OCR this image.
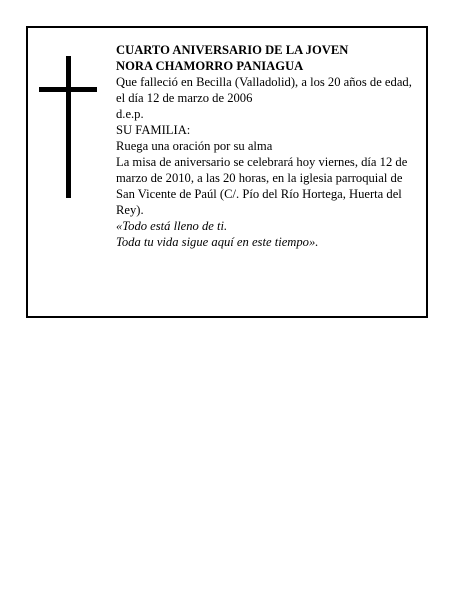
CUARTO ANIVERSARIO DE LA JOVEN

NORA CHAMORRO PANIAGUA

Que falleció en Becilla (Valladolid), a los 20 años de edad, el día 12 de marzo de 2006

d.e.p.

SU FAMILIA:

Ruega una oración por su alma

La misa de aniversario se celebrará hoy viernes, día 12 de marzo de 2010, a las 20 horas, en la iglesia parroquial de San Vicente de Paúl (C/. Pío del Río Hortega, Huerta del Rey).

«Todo está lleno de ti.

Toda tu vida sigue aquí en este tiempo».
